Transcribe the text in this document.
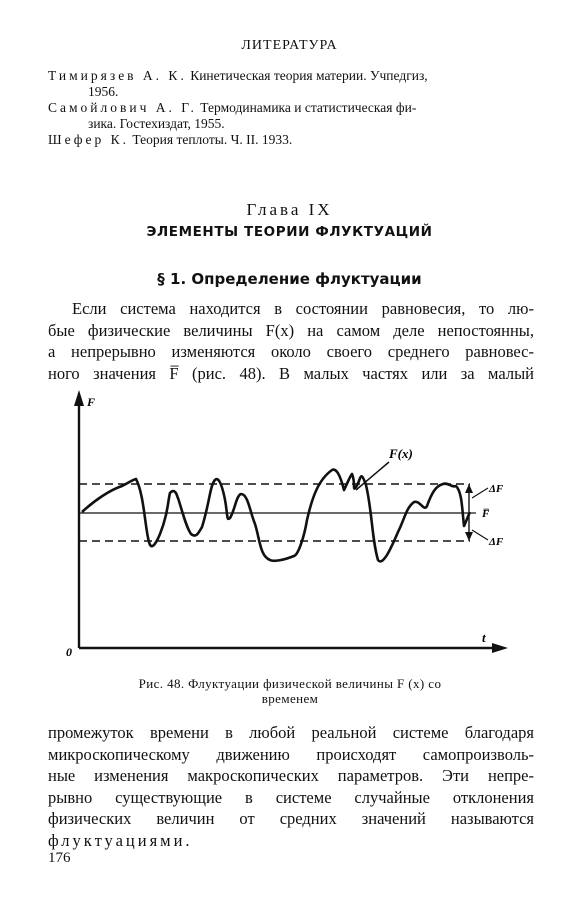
ЛИТЕРАТУРА
Тимирязев А. К. Кинетическая теория материи. Учпедгиз,
1956.
Самойлович А. Г. Термодинамика и статистическая фи-
зика. Гостехиздат, 1955.
Шефер К. Теория теплоты. Ч. II. 1933.
Глава IX
ЭЛЕМЕНТЫ ТЕОРИИ ФЛУКТУАЦИЙ
§ 1. Определение флуктуации
Если система находится в состоянии равновесия, то лю-
бые физические величины F(x) на самом деле непостоянны,
а непрерывно изменяются около своего среднего равновес-
ного значения F̅ (рис. 48). В малых частях или за малый
F
t
0
F(x)
ΔF
F̅
ΔF
Рис. 48. Флуктуации физической величины F (x) со
временем
промежуток времени в любой реальной системе благодаря
микроскопическому движению происходят самопроизволь-
ные изменения макроскопических параметров. Эти непре-
рывно существующие в системе случайные отклонения
физических величин от средних значений называются
флуктуациями.
176
